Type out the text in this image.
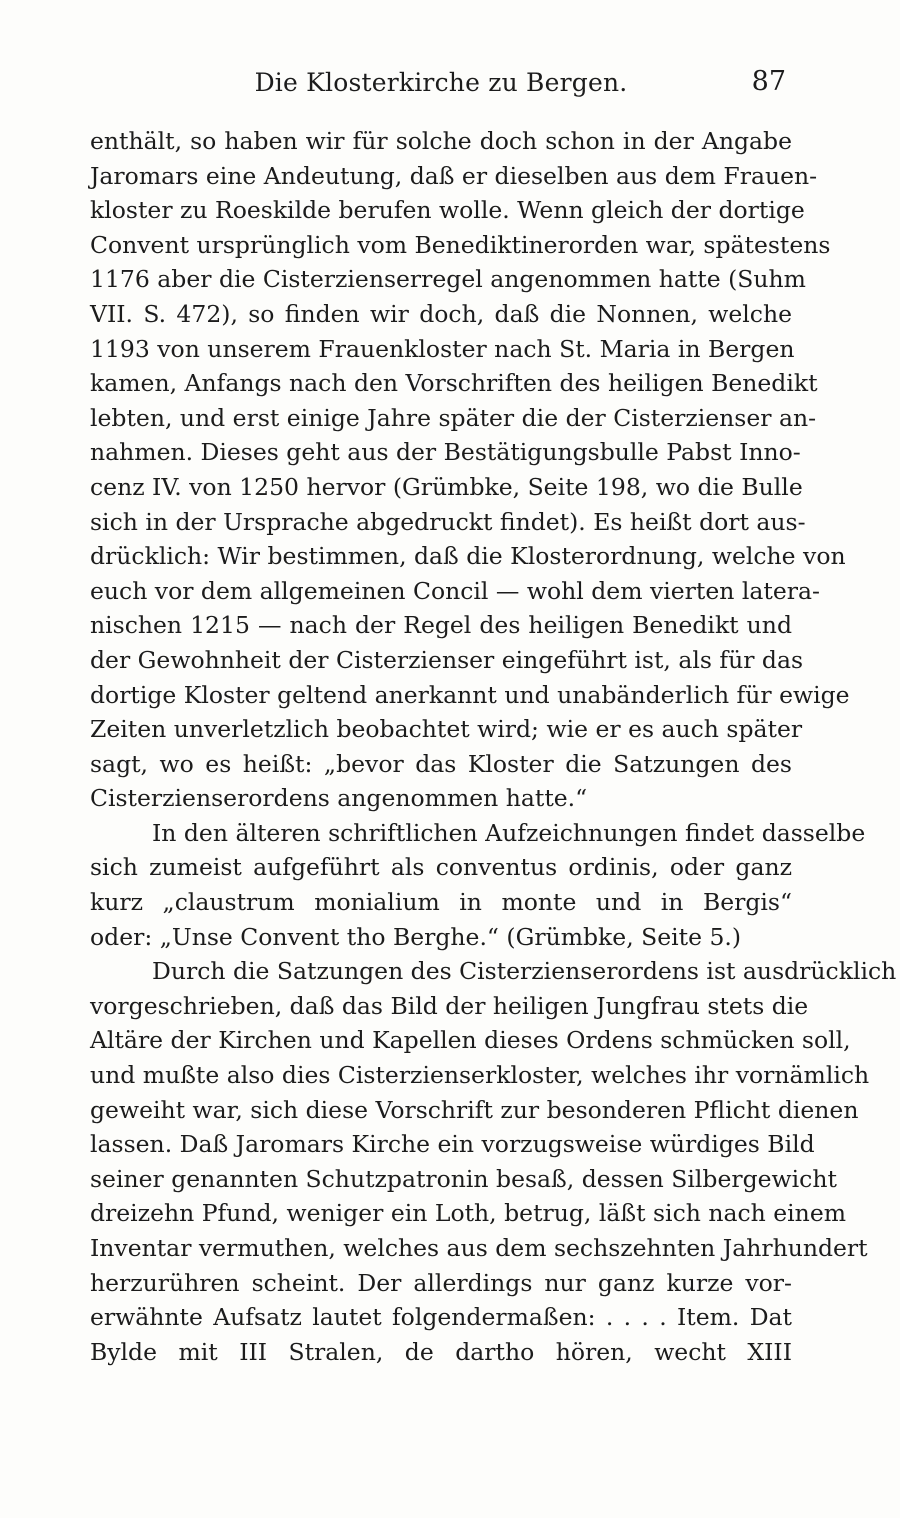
Die Klosterkirche zu Bergen.	87
enthält, so haben wir für solche doch schon in der Angabe
Jaromars eine Andeutung, daß er dieselben aus dem Frauen-
kloster zu Roeskilde berufen wolle. Wenn gleich der dortige
Convent ursprünglich vom Benediktinerorden war, spätestens
1176 aber die Cisterzienserregel angenommen hatte (Suhm
VII. S. 472), so finden wir doch, daß die Nonnen, welche
1193 von unserem Frauenkloster nach St. Maria in Bergen
kamen, Anfangs nach den Vorschriften des heiligen Benedikt
lebten, und erst einige Jahre später die der Cisterzienser an-
nahmen. Dieses geht aus der Bestätigungsbulle Pabst Inno-
cenz IV. von 1250 hervor (Grümbke, Seite 198, wo die Bulle
sich in der Ursprache abgedruckt findet). Es heißt dort aus-
drücklich: Wir bestimmen, daß die Klosterordnung, welche von
euch vor dem allgemeinen Concil — wohl dem vierten latera-
nischen 1215 — nach der Regel des heiligen Benedikt und
der Gewohnheit der Cisterzienser eingeführt ist, als für das
dortige Kloster geltend anerkannt und unabänderlich für ewige
Zeiten unverletzlich beobachtet wird; wie er es auch später
sagt, wo es heißt: „bevor das Kloster die Satzungen des
Cisterzienserordens angenommen hatte.“
In den älteren schriftlichen Aufzeichnungen findet dasselbe
sich zumeist aufgeführt als conventus ordinis, oder ganz
kurz „claustrum monialium in monte und in Bergis“
oder: „Unse Convent tho Berghe.“ (Grümbke, Seite 5.)
Durch die Satzungen des Cisterzienserordens ist ausdrücklich
vorgeschrieben, daß das Bild der heiligen Jungfrau stets die
Altäre der Kirchen und Kapellen dieses Ordens schmücken soll,
und mußte also dies Cisterzienserkloster, welches ihr vornämlich
geweiht war, sich diese Vorschrift zur besonderen Pflicht dienen
lassen. Daß Jaromars Kirche ein vorzugsweise würdiges Bild
seiner genannten Schutzpatronin besaß, dessen Silbergewicht
dreizehn Pfund, weniger ein Loth, betrug, läßt sich nach einem
Inventar vermuthen, welches aus dem sechszehnten Jahrhundert
herzurühren scheint. Der allerdings nur ganz kurze vor-
erwähnte Aufsatz lautet folgendermaßen: . . . . Item. Dat
Bylde mit III Stralen, de dartho hören, wecht XIII
